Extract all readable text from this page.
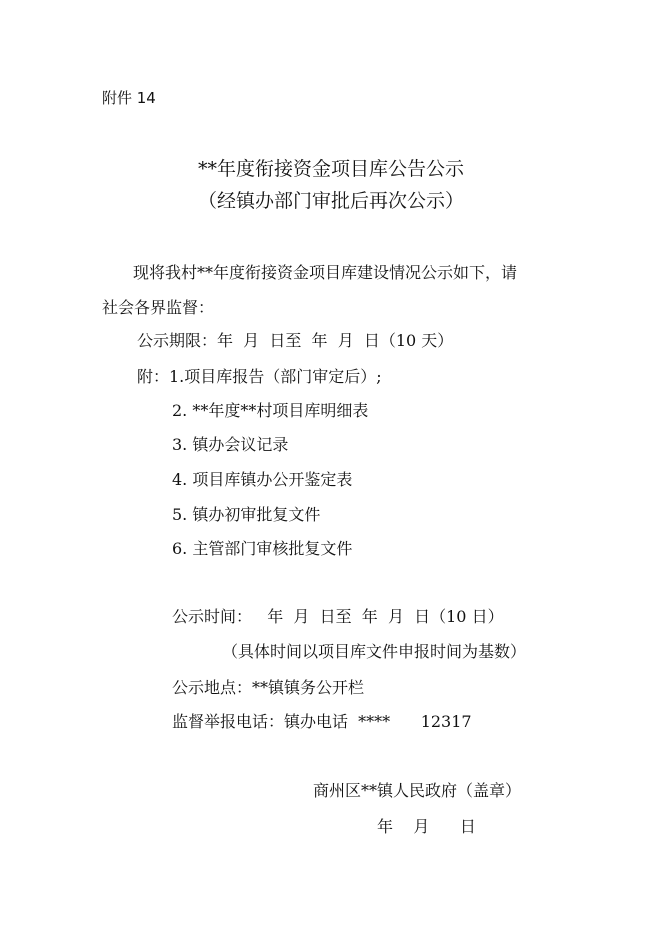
附件 14
**年度衔接资金项目库公告公示
（经镇办部门审批后再次公示）
现将我村**年度衔接资金项目库建设情况公示如下，请
社会各界监督：
公示期限：年  月  日至  年  月  日（10 天）
附：1.项目库报告（部门审定后）;
2. **年度**村项目库明细表
3. 镇办会议记录
4. 项目库镇办公开鉴定表
5. 镇办初审批复文件
6. 主管部门审核批复文件
公示时间：   年  月  日至  年  月  日（10 日）
（具体时间以项目库文件申报时间为基数）
公示地点：**镇镇务公开栏
监督举报电话：镇办电话  ****      12317
商州区**镇人民政府（盖章）
年    月      日
